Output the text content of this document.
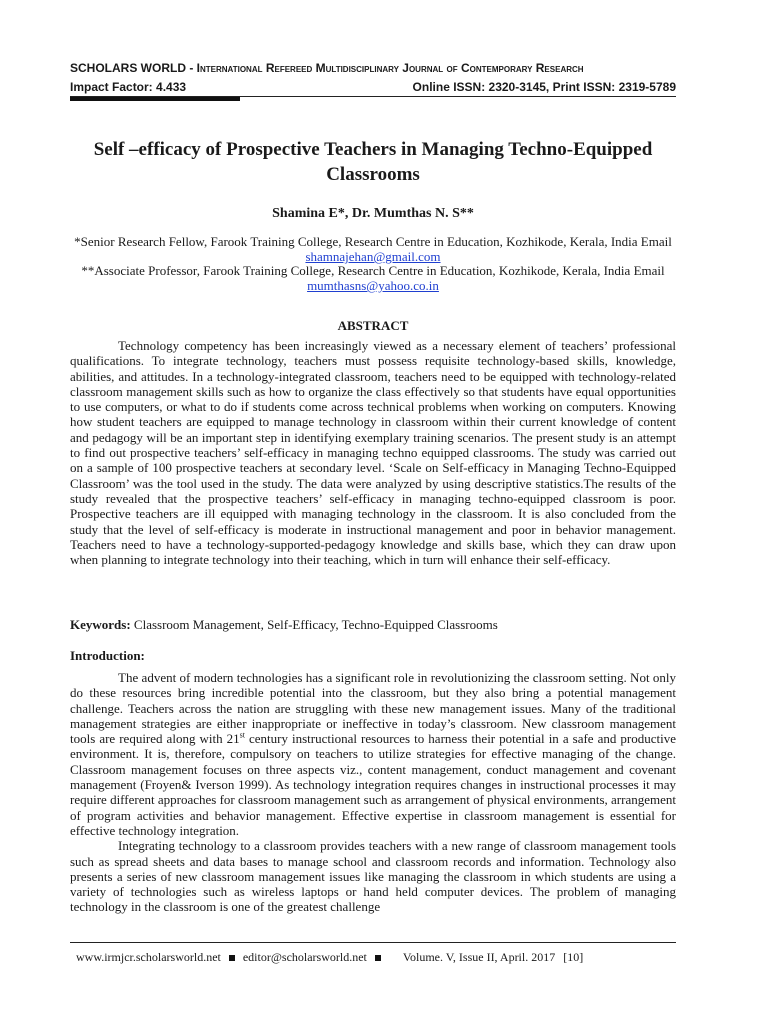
SCHOLARS WORLD - International Refereed Multidisciplinary Journal of Contemporary Research
Impact Factor: 4.433	Online ISSN: 2320-3145, Print ISSN: 2319-5789
Self –efficacy of Prospective Teachers in Managing Techno-Equipped Classrooms
Shamina E*, Dr. Mumthas N. S**
*Senior Research Fellow, Farook Training College, Research Centre in Education, Kozhikode, Kerala, India Email shamnajehan@gmail.com
**Associate Professor, Farook Training College, Research Centre in Education, Kozhikode, Kerala, India Email mumthasns@yahoo.co.in
ABSTRACT

Technology competency has been increasingly viewed as a necessary element of teachers’ professional qualifications. To integrate technology, teachers must possess requisite technology-based skills, knowledge, abilities, and attitudes. In a technology-integrated classroom, teachers need to be equipped with technology-related classroom management skills such as how to organize the class effectively so that students have equal opportunities to use computers, or what to do if students come across technical problems when working on computers. Knowing how student teachers are equipped to manage technology in classroom within their current knowledge of content and pedagogy will be an important step in identifying exemplary training scenarios. The present study is an attempt to find out prospective teachers’ self-efficacy in managing techno equipped classrooms. The study was carried out on a sample of 100 prospective teachers at secondary level. ‘Scale on Self-efficacy in Managing Techno-Equipped Classroom’ was the tool used in the study. The data were analyzed by using descriptive statistics.The results of the study revealed that the prospective teachers’ self-efficacy in managing techno-equipped classroom is poor. Prospective teachers are ill equipped with managing technology in the classroom. It is also concluded from the study that the level of self-efficacy is moderate in instructional management and poor in behavior management. Teachers need to have a technology-supported-pedagogy knowledge and skills base, which they can draw upon when planning to integrate technology into their teaching, which in turn will enhance their self-efficacy.

Keywords: Classroom Management, Self-Efficacy, Techno-Equipped Classrooms
Introduction:

The advent of modern technologies has a significant role in revolutionizing the classroom setting. Not only do these resources bring incredible potential into the classroom, but they also bring a potential management challenge. Teachers across the nation are struggling with these new management issues. Many of the traditional management strategies are either inappropriate or ineffective in today’s classroom. New classroom management tools are required along with 21st century instructional resources to harness their potential in a safe and productive environment. It is, therefore, compulsory on teachers to utilize strategies for effective managing of the change. Classroom management focuses on three aspects viz., content management, conduct management and covenant management (Froyen& Iverson 1999). As technology integration requires changes in instructional processes it may require different approaches for classroom management such as arrangement of physical environments, arrangement of program activities and behavior management. Effective expertise in classroom management is essential for effective technology integration.

Integrating technology to a classroom provides teachers with a new range of classroom management tools such as spread sheets and data bases to manage school and classroom records and information. Technology also presents a series of new classroom management issues like managing the classroom in which students are using a variety of technologies such as wireless laptops or hand held computer devices. The problem of managing technology in the classroom is one of the greatest challenge

www.irmjcr.scholarsworld.net editor@scholarsworld.net	Volume. V, Issue II, April. 2017 [10]
